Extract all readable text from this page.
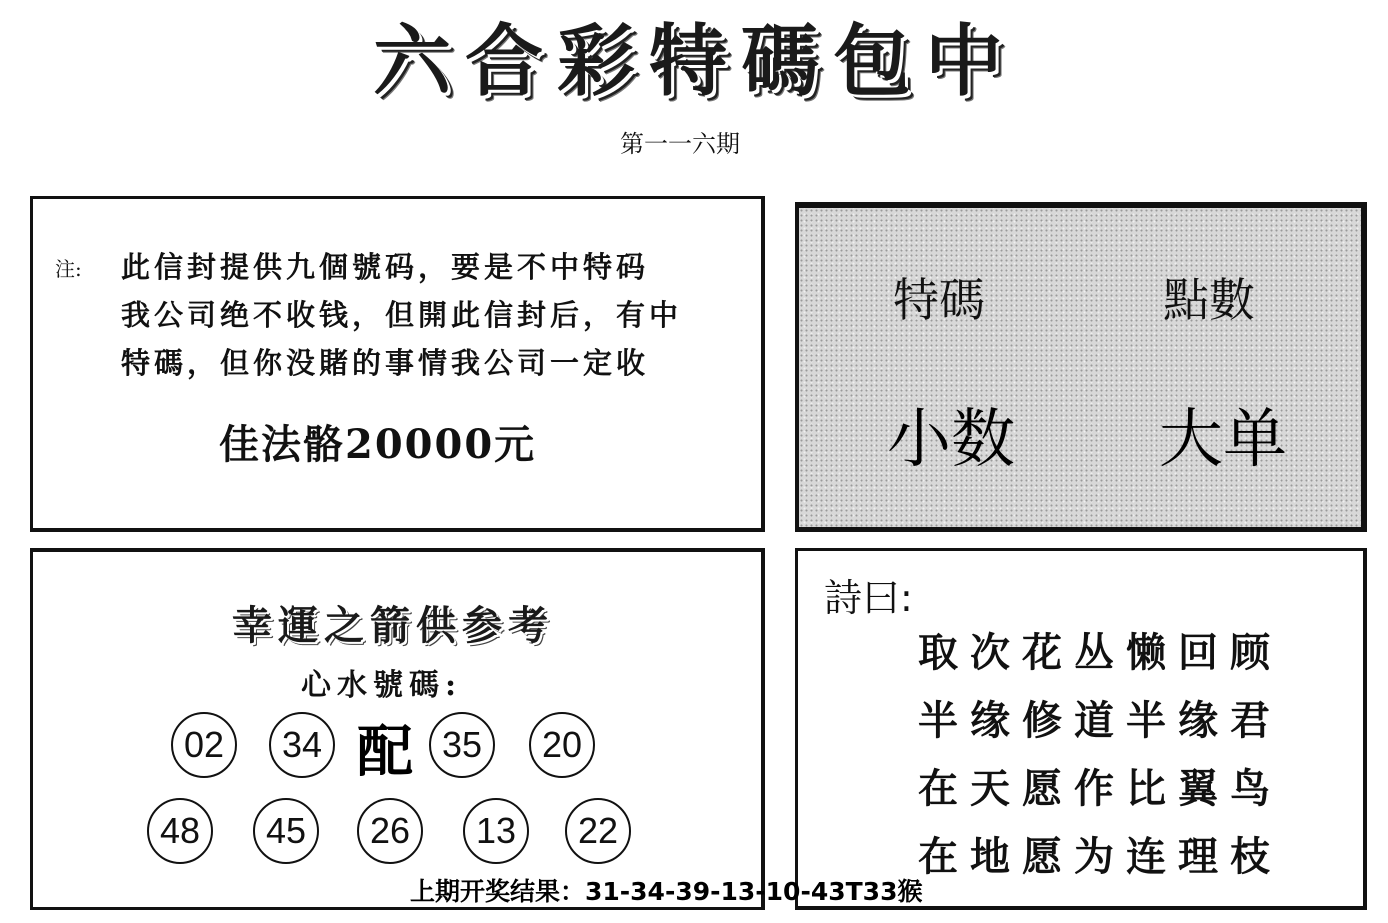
六合彩特碼包中
第一一六期
注: 此信封提供九個號码，要是不中特码
我公司绝不收钱，但開此信封后，有中
特碼，但你没賭的事情我公司一定收
佳法骼20000元
特碼	點數
小数 大单
幸運之箭供参考
心水號碼:
02	34 配 35	20
48	45	26	13	22
詩曰:
取次花丛懒回顾
半缘修道半缘君
在天愿作比翼鸟
在地愿为连理枝
上期开奖结果：31-34-39-13-10-43T33猴
